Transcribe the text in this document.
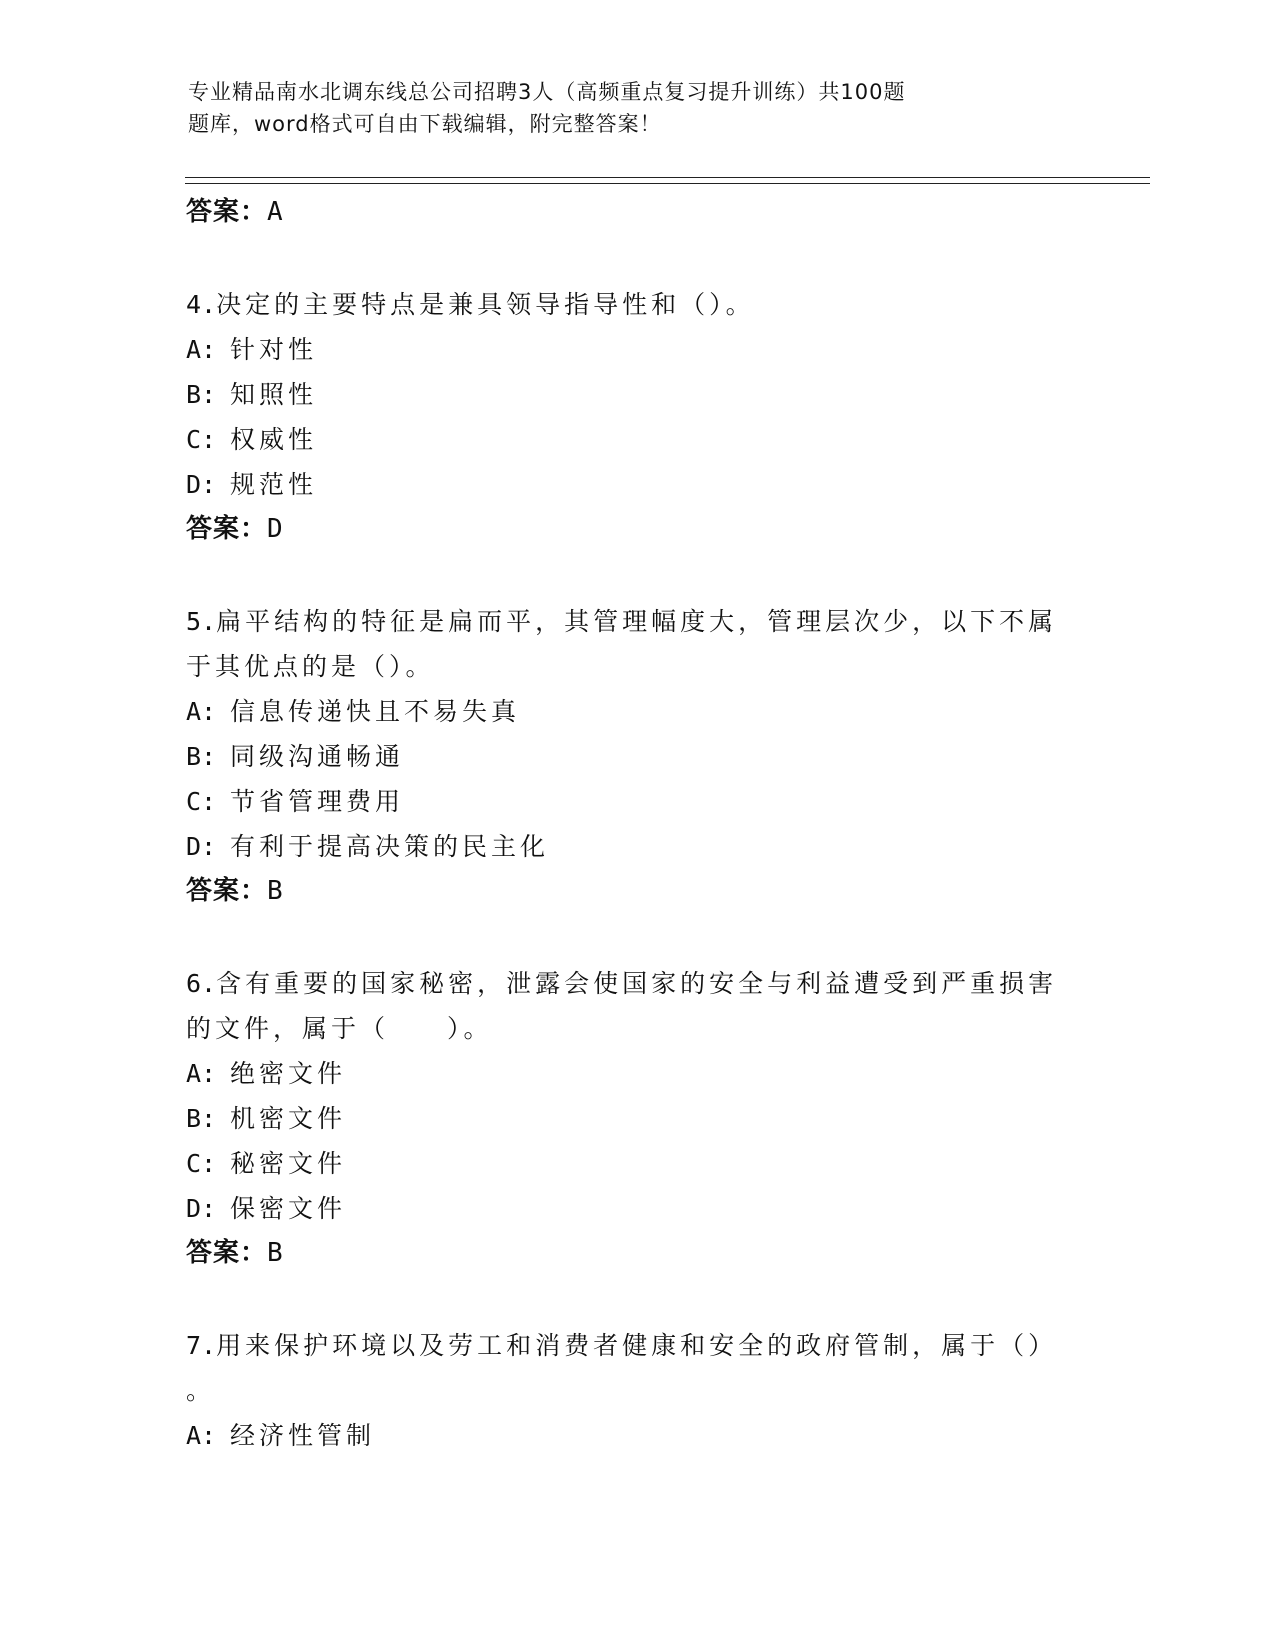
专业精品南水北调东线总公司招聘3人（高频重点复习提升训练）共100题
题库，word格式可自由下载编辑，附完整答案！
答案：A
4.决定的主要特点是兼具领导指导性和（）。
A: 针对性
B: 知照性
C: 权威性
D: 规范性
答案：D
5.扁平结构的特征是扁而平，其管理幅度大，管理层次少，以下不属
于其优点的是（）。
A: 信息传递快且不易失真
B: 同级沟通畅通
C: 节省管理费用
D: 有利于提高决策的民主化
答案：B
6.含有重要的国家秘密，泄露会使国家的安全与利益遭受到严重损害
的文件，属于（　　）。
A: 绝密文件
B: 机密文件
C: 秘密文件
D: 保密文件
答案：B
7.用来保护环境以及劳工和消费者健康和安全的政府管制，属于（）
。
A: 经济性管制
